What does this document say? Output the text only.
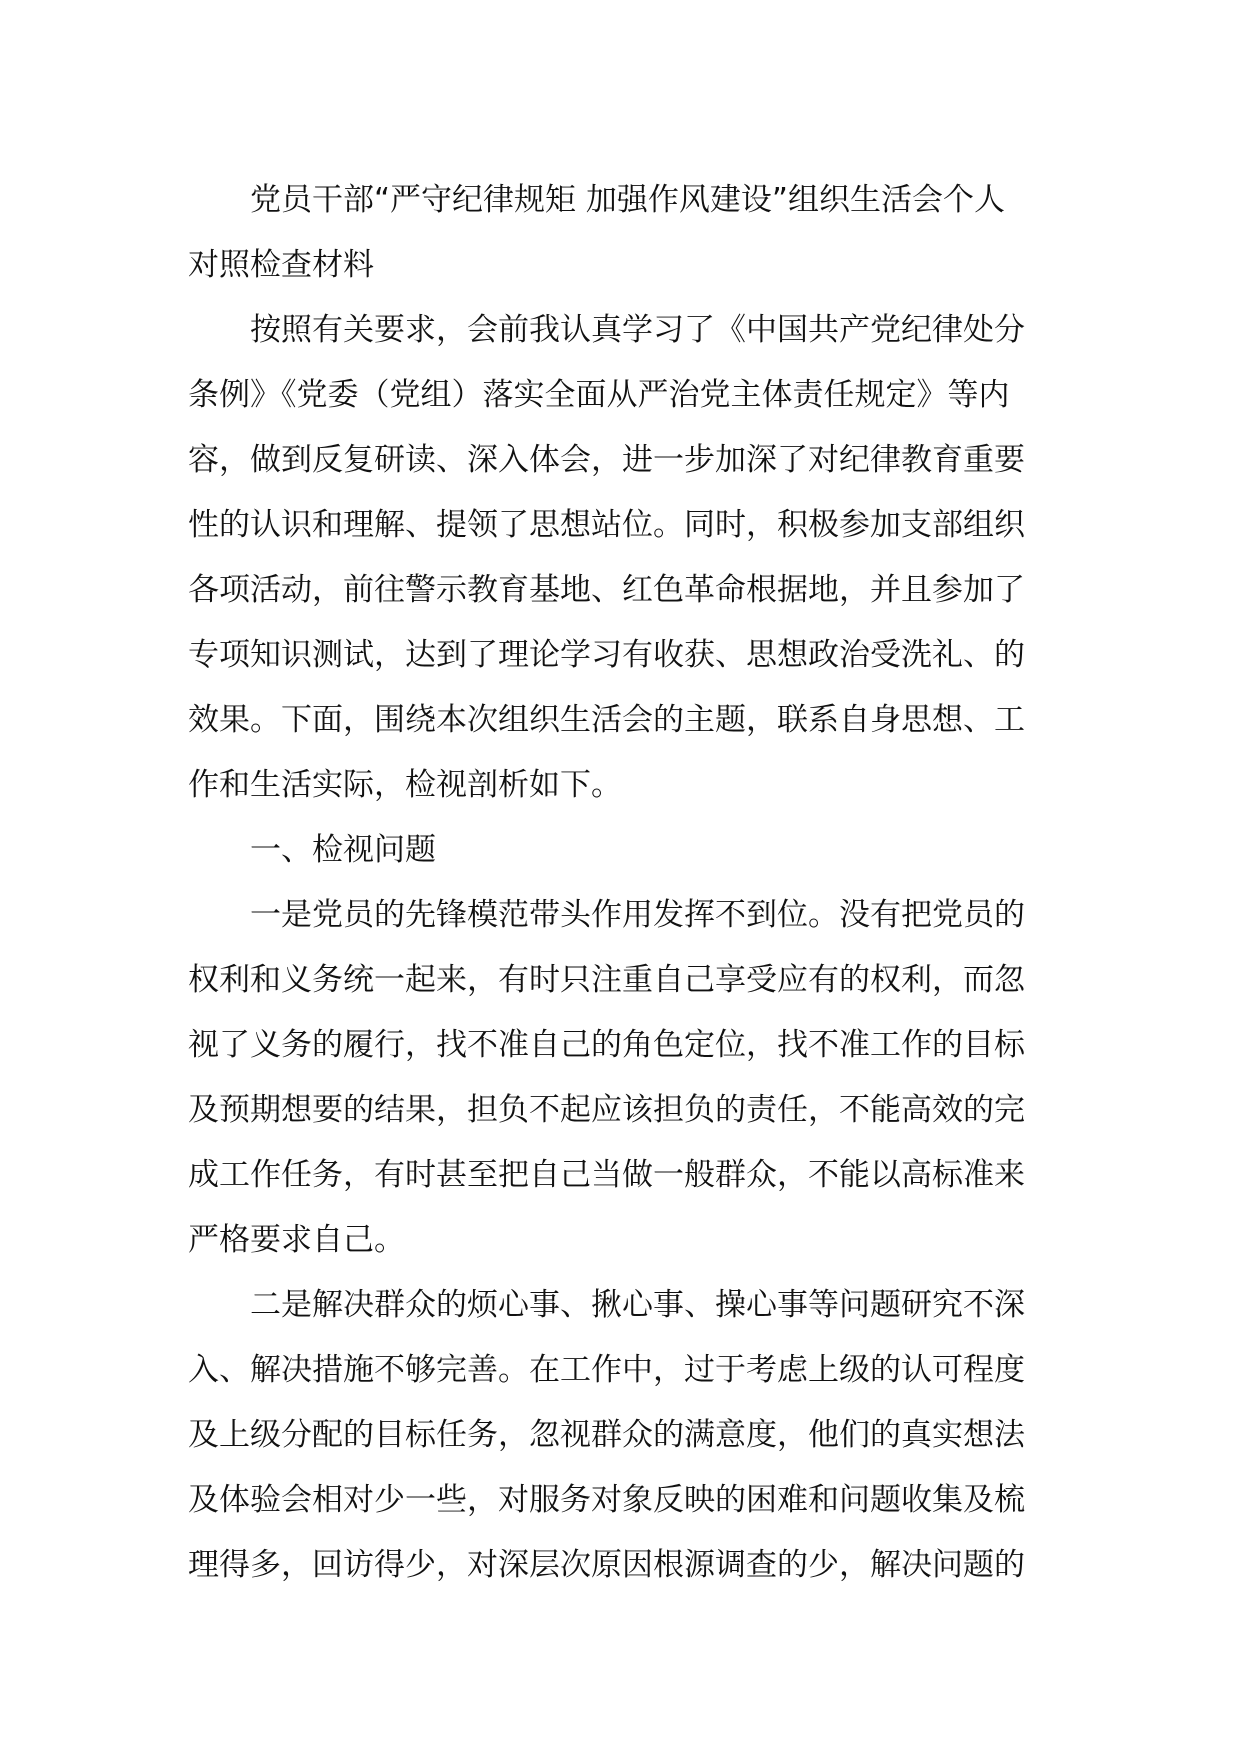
党员干部“严守纪律规矩 加强作风建设”组织生活会个人
对照检查材料
按照有关要求，会前我认真学习了《中国共产党纪律处分
条例》《党委（党组）落实全面从严治党主体责任规定》等内
容，做到反复研读、深入体会，进一步加深了对纪律教育重要
性的认识和理解、提领了思想站位。同时，积极参加支部组织
各项活动，前往警示教育基地、红色革命根据地，并且参加了
专项知识测试，达到了理论学习有收获、思想政治受洗礼、的
效果。下面，围绕本次组织生活会的主题，联系自身思想、工
作和生活实际，检视剖析如下。
一、检视问题
一是党员的先锋模范带头作用发挥不到位。没有把党员的
权利和义务统一起来，有时只注重自己享受应有的权利，而忽
视了义务的履行，找不准自己的角色定位，找不准工作的目标
及预期想要的结果，担负不起应该担负的责任，不能高效的完
成工作任务，有时甚至把自己当做一般群众，不能以高标准来
严格要求自己。
二是解决群众的烦心事、揪心事、操心事等问题研究不深
入、解决措施不够完善。在工作中，过于考虑上级的认可程度
及上级分配的目标任务，忽视群众的满意度，他们的真实想法
及体验会相对少一些，对服务对象反映的困难和问题收集及梳
理得多，回访得少，对深层次原因根源调查的少，解决问题的
